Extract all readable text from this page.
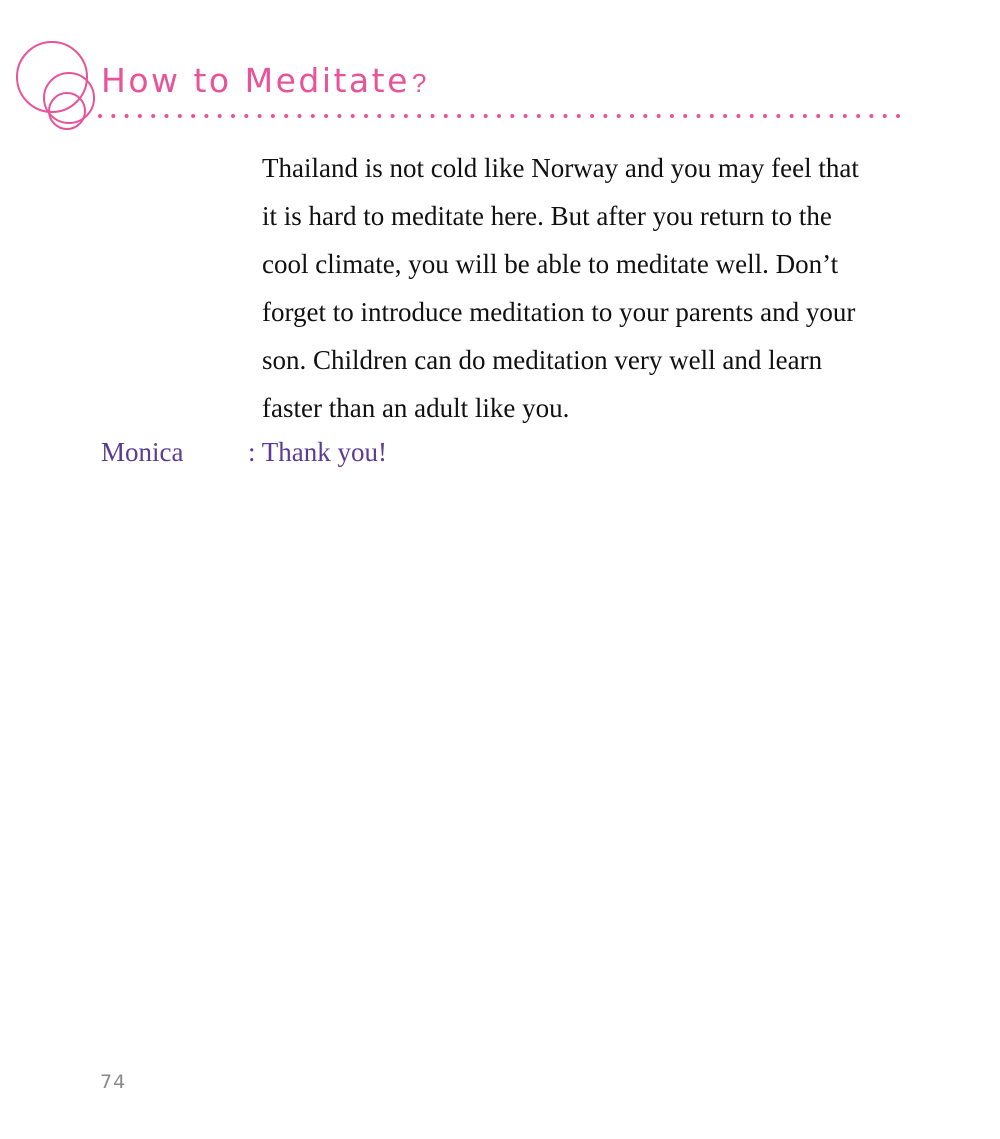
How to Meditate?
Thailand is not cold like Norway and you may feel that
it is hard to meditate here. But after you return to the
cool climate, you will be able to meditate well. Don’t
forget to introduce meditation to your parents and your
son. Children can do meditation very well and learn
faster than an adult like you.
Monica : Thank you!
74
